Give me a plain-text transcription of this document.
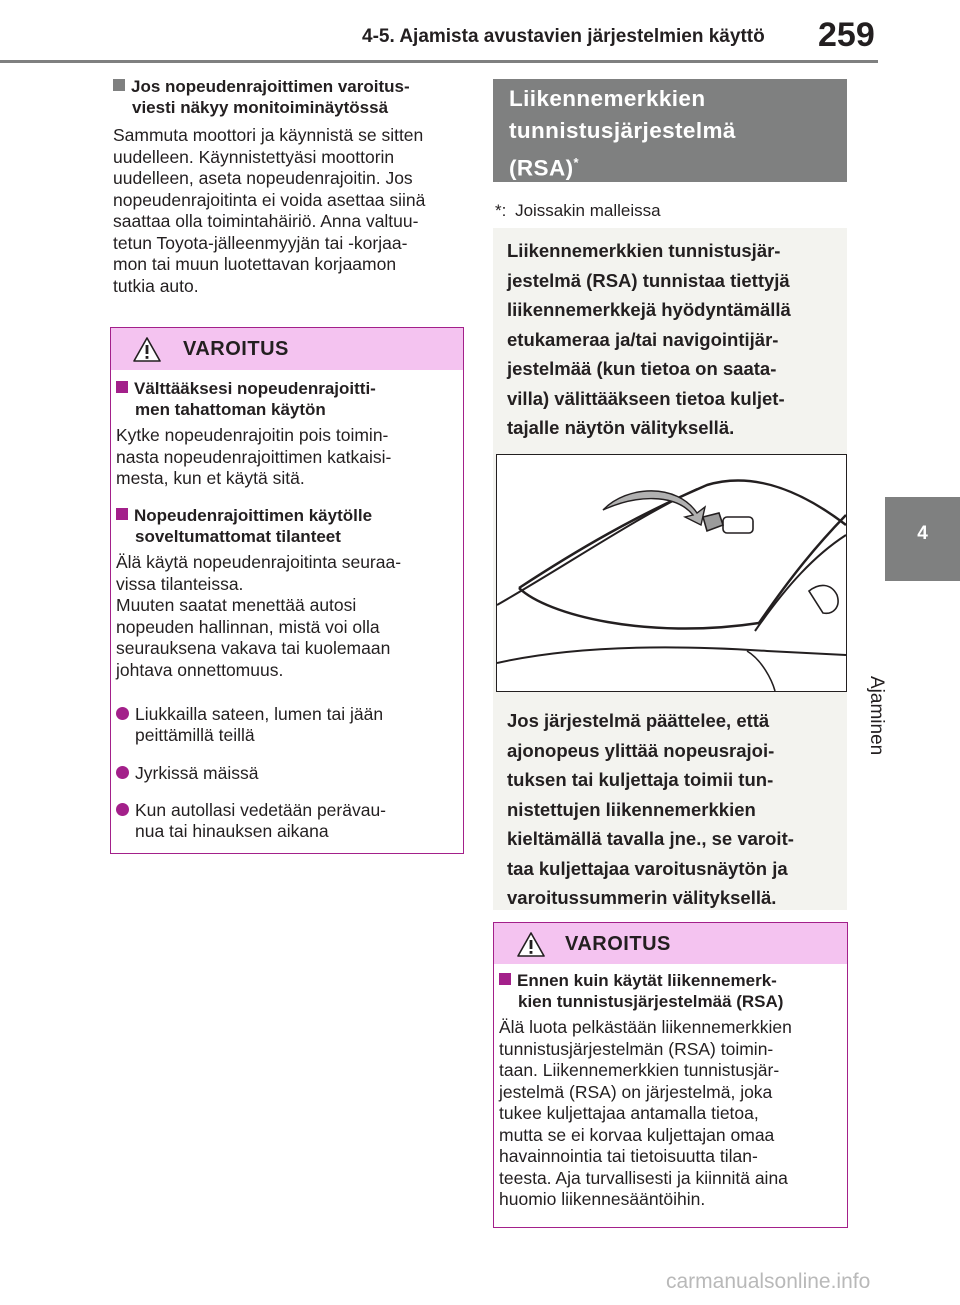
4-5. Ajamista avustavien järjestelmien käyttö 259
4
Ajaminen
Jos nopeudenrajoittimen varoitus-
viesti näkyy monitoiminäytössä
Sammuta moottori ja käynnistä se sitten
uudelleen. Käynnistettyäsi moottorin
uudelleen, aseta nopeudenrajoitin. Jos
nopeudenrajoitinta ei voida asettaa siinä
saattaa olla toimintahäiriö. Anna valtuu-
tetun Toyota-jälleenmyyjän tai -korjaa-
mon tai muun luotettavan korjaamon
tutkia auto.
VAROITUS
Välttääksesi nopeudenrajoitti-
men tahattoman käytön
Kytke nopeudenrajoitin pois toimin-
nasta nopeudenrajoittimen katkaisi-
mesta, kun et käytä sitä.
Nopeudenrajoittimen käytölle
soveltumattomat tilanteet
Älä käytä nopeudenrajoitinta seuraa-
vissa tilanteissa.
Muuten saatat menettää autosi
nopeuden hallinnan, mistä voi olla
seurauksena vakava tai kuolemaan
johtava onnettomuus.
Liukkailla sateen, lumen tai jään
peittämillä teillä
Jyrkissä mäissä
Kun autollasi vedetään perävau-
nua tai hinauksen aikana
Liikennemerkkien
tunnistusjärjestelmä
(RSA)*
*: Joissakin malleissa
Liikennemerkkien tunnistusjär-
jestelmä (RSA) tunnistaa tiettyjä
liikennemerkkejä hyödyntämällä
etukameraa ja/tai navigointijär-
jestelmää (kun tietoa on saata-
villa) välittääkseen tietoa kuljet-
tajalle näytön välityksellä.
Jos järjestelmä päättelee, että
ajonopeus ylittää nopeusrajoi-
tuksen tai kuljettaja toimii tun-
nistettujen liikennemerkkien
kieltämällä tavalla jne., se varoit-
taa kuljettajaa varoitusnäytön ja
varoitussummerin välityksellä.
VAROITUS
Ennen kuin käytät liikennemerk-
kien tunnistusjärjestelmää (RSA)
Älä luota pelkästään liikennemerkkien
tunnistusjärjestelmän (RSA) toimin-
taan. Liikennemerkkien tunnistusjär-
jestelmä (RSA) on järjestelmä, joka
tukee kuljettajaa antamalla tietoa,
mutta se ei korvaa kuljettajan omaa
havainnointia tai tietoisuutta tilan-
teesta. Aja turvallisesti ja kiinnitä aina
huomio liikennesääntöihin.
carmanualsonline.info
